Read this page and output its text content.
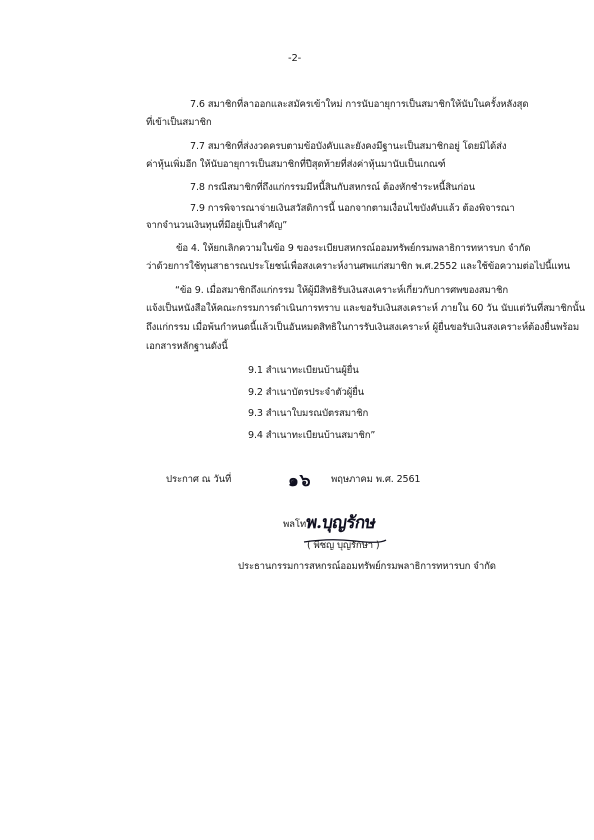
-2-
7.6 สมาชิกที่ลาออกและสมัครเข้าใหม่ การนับอายุการเป็นสมาชิกให้นับในครั้งหลังสุด
ที่เข้าเป็นสมาชิก
7.7 สมาชิกที่ส่งงวดครบตามข้อบังคับและยังคงมีฐานะเป็นสมาชิกอยู่ โดยมิได้ส่ง
ค่าหุ้นเพิ่มอีก ให้นับอายุการเป็นสมาชิกที่ปีสุดท้ายที่ส่งค่าหุ้นมานับเป็นเกณฑ์
7.8 กรณีสมาชิกที่ถึงแก่กรรมมีหนี้สินกับสหกรณ์ ต้องหักชำระหนี้สินก่อน
7.9 การพิจารณาจ่ายเงินสวัสดิการนี้ นอกจากตามเงื่อนไขบังคับแล้ว ต้องพิจารณา
จากจำนวนเงินทุนที่มีอยู่เป็นสำคัญ”
ข้อ 4. ให้ยกเลิกความในข้อ 9 ของระเบียบสหกรณ์ออมทรัพย์กรมพลาธิการทหารบก จำกัด
ว่าด้วยการใช้ทุนสาธารณประโยชน์เพื่อสงเคราะห์งานศพแก่สมาชิก พ.ศ.2552 และใช้ข้อความต่อไปนี้แทน
“ข้อ 9. เมื่อสมาชิกถึงแก่กรรม ให้ผู้มีสิทธิรับเงินสงเคราะห์เกี่ยวกับการศพของสมาชิก
แจ้งเป็นหนังสือให้คณะกรรมการดำเนินการทราบ และขอรับเงินสงเคราะห์ ภายใน 60 วัน นับแต่วันที่สมาชิกนั้น
ถึงแก่กรรม เมื่อพ้นกำหนดนี้แล้วเป็นอันหมดสิทธิในการรับเงินสงเคราะห์ ผู้ยื่นขอรับเงินสงเคราะห์ต้องยื่นพร้อม
เอกสารหลักฐานดังนี้
9.1 สำเนาทะเบียนบ้านผู้ยื่น
9.2 สำเนาบัตรประจำตัวผู้ยื่น
9.3 สำเนาใบมรณบัตรสมาชิก
9.4 สำเนาทะเบียนบ้านสมาชิก”
ประกาศ ณ วันที่	๑๖ พฤษภาคม พ.ศ. 2561
พลโท
พ.บุญรักษ
( พิชญ บุญรักษา )
ประธานกรรมการสหกรณ์ออมทรัพย์กรมพลาธิการทหารบก จำกัด
